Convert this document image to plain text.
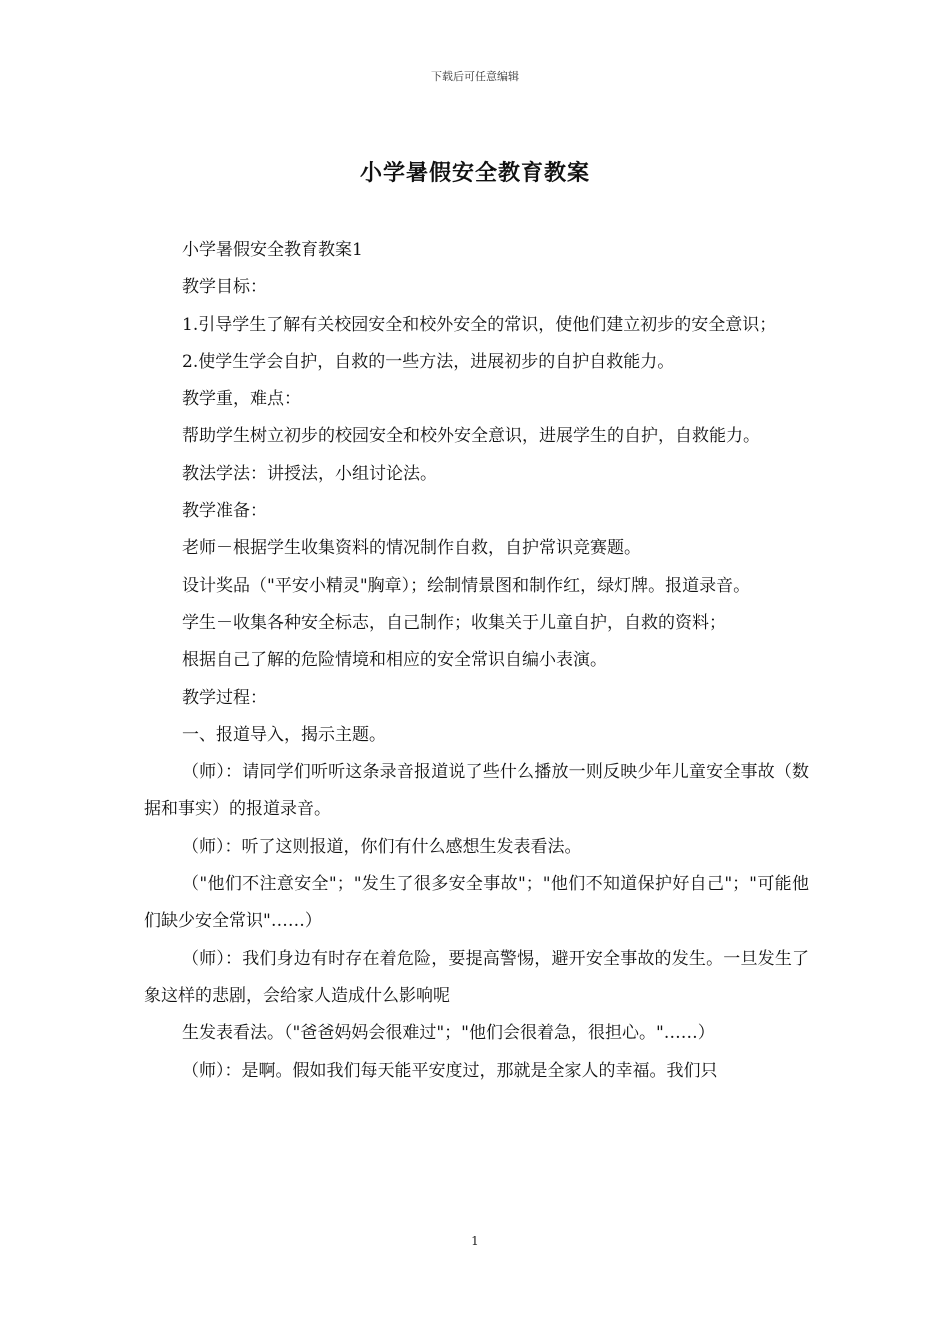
下载后可任意编辑
小学暑假安全教育教案

小学暑假安全教育教案1

教学目标：

1.引导学生了解有关校园安全和校外安全的常识，使他们建立初步的安全意识；

2.使学生学会自护，自救的一些方法，进展初步的自护自救能力。

教学重，难点：

帮助学生树立初步的校园安全和校外安全意识，进展学生的自护，自救能力。

教法学法：讲授法，小组讨论法。

教学准备：

老师－根据学生收集资料的情况制作自救，自护常识竞赛题。

设计奖品（"平安小精灵"胸章）；绘制情景图和制作红，绿灯牌。报道录音。

学生－收集各种安全标志，自己制作；收集关于儿童自护，自救的资料；

根据自己了解的危险情境和相应的安全常识自编小表演。

教学过程：

一、报道导入，揭示主题。

（师）：请同学们听听这条录音报道说了些什么播放一则反映少年儿童安全事故（数据和事实）的报道录音。

（师）：听了这则报道，你们有什么感想生发表看法。

（"他们不注意安全"；"发生了很多安全事故"；"他们不知道保护好自己"；"可能他们缺少安全常识"……）

（师）：我们身边有时存在着危险，要提高警惕，避开安全事故的发生。一旦发生了象这样的悲剧，会给家人造成什么影响呢

生发表看法。（"爸爸妈妈会很难过"；"他们会很着急，很担心。"……）

（师）：是啊。假如我们每天能平安度过，那就是全家人的幸福。我们只

1
